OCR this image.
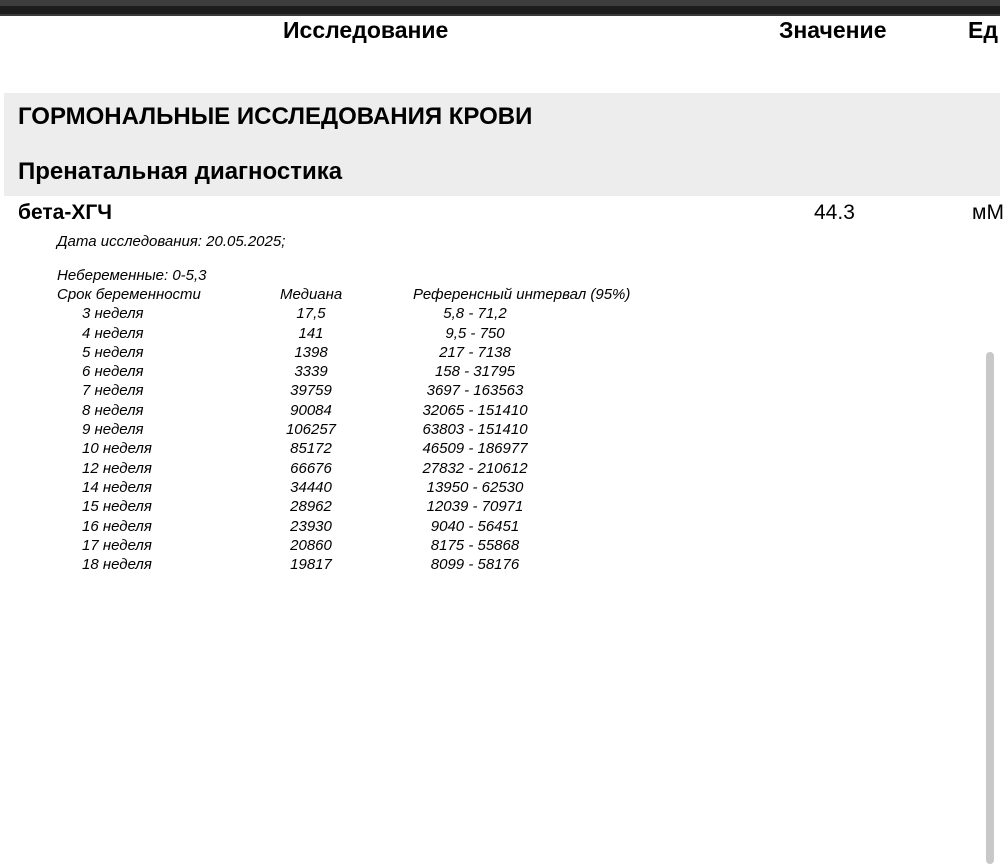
Исследование	Значение	Ед
ГОРМОНАЛЬНЫЕ ИССЛЕДОВАНИЯ КРОВИ
Пренатальная диагностика
бета-ХГЧ	44.3	мМ
Дата исследования: 20.05.2025;
Небеременные: 0-5,3
Срок беременности	Медиана	Референсный интервал (95%)
3 неделя	17,5	5,8 - 71,2
4 неделя	141	9,5 - 750
5 неделя	1398	217 - 7138
6 неделя	3339	158 - 31795
7 неделя	39759	3697 - 163563
8 неделя	90084	32065 - 151410
9 неделя	106257	63803 - 151410
10 неделя	85172	46509 - 186977
12 неделя	66676	27832 - 210612
14 неделя	34440	13950 - 62530
15 неделя	28962	12039 - 70971
16 неделя	23930	9040 - 56451
17 неделя	20860	8175 - 55868
18 неделя	19817	8099 - 58176
